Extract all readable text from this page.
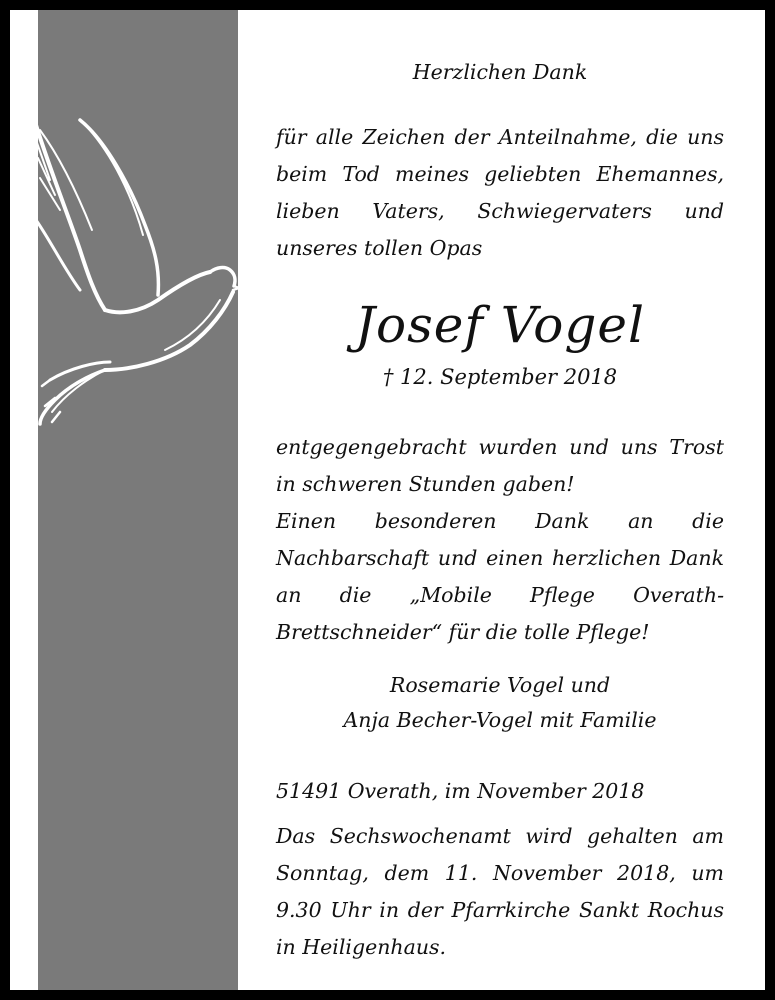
Herzlichen Dank
für alle Zeichen der Anteilnahme, die uns beim Tod meines geliebten Ehemannes, lieben Vaters, Schwiegervaters und unseres tollen Opas
Josef Vogel
† 12. September 2018
entgegengebracht wurden und uns Trost in schweren Stunden gaben!
Einen besonderen Dank an die Nachbarschaft und einen herzlichen Dank an die „Mobile Pflege Overath-Brettschneider“ für die tolle Pflege!
Rosemarie Vogel und
Anja Becher-Vogel mit Familie
51491 Overath, im November 2018
Das Sechswochenamt wird gehalten am Sonntag, dem 11. November 2018, um 9.30 Uhr in der Pfarrkirche Sankt Rochus in Heiligenhaus.
